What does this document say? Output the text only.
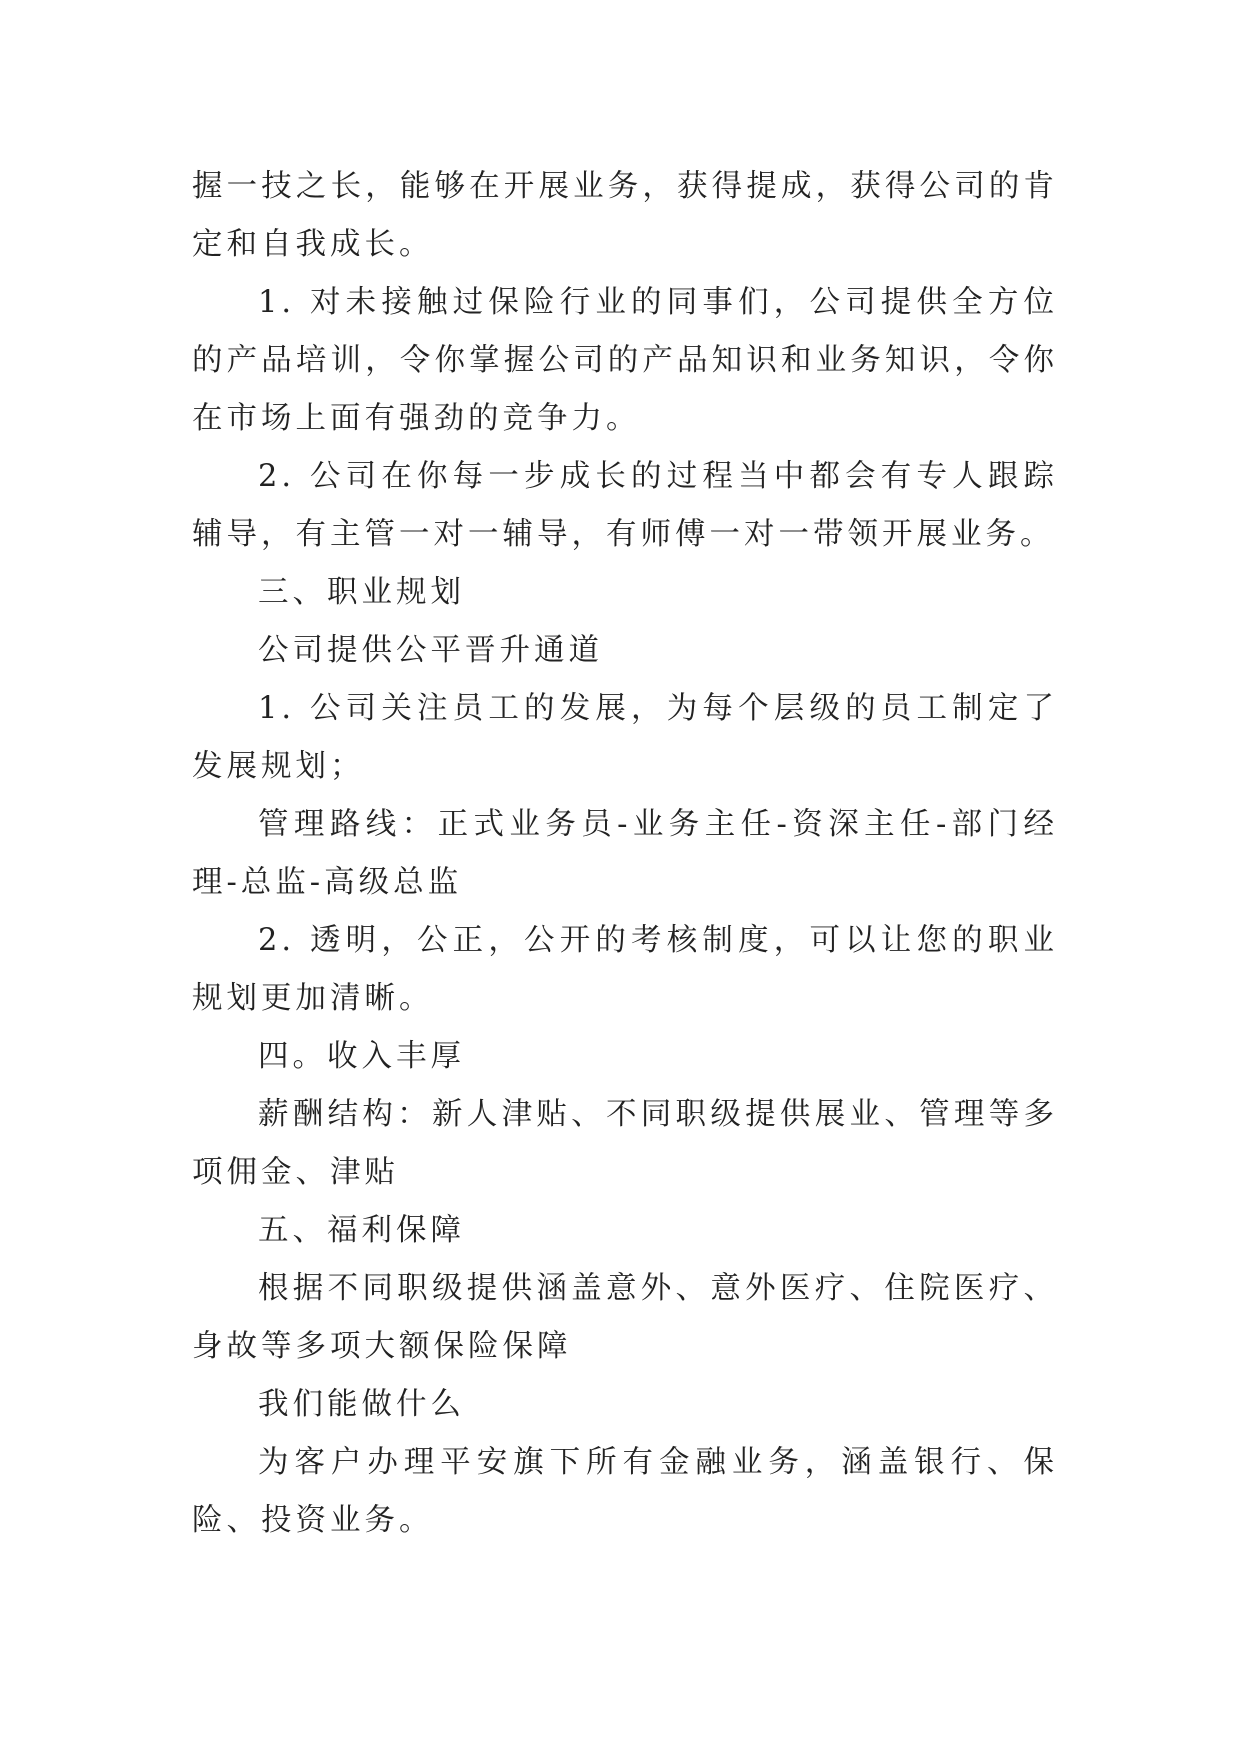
握一技之长，能够在开展业务，获得提成，获得公司的肯定和自我成长。

1. 对未接触过保险行业的同事们，公司提供全方位的产品培训，令你掌握公司的产品知识和业务知识，令你在市场上面有强劲的竞争力。

2. 公司在你每一步成长的过程当中都会有专人跟踪辅导，有主管一对一辅导，有师傅一对一带领开展业务。

三、职业规划

公司提供公平晋升通道

1. 公司关注员工的发展，为每个层级的员工制定了发展规划；

管理路线：正式业务员-业务主任-资深主任-部门经理-总监-高级总监

2. 透明，公正，公开的考核制度，可以让您的职业规划更加清晰。

四。收入丰厚

薪酬结构：新人津贴、不同职级提供展业、管理等多项佣金、津贴

五、福利保障

根据不同职级提供涵盖意外、意外医疗、住院医疗、身故等多项大额保险保障

我们能做什么

为客户办理平安旗下所有金融业务，涵盖银行、保险、投资业务。
